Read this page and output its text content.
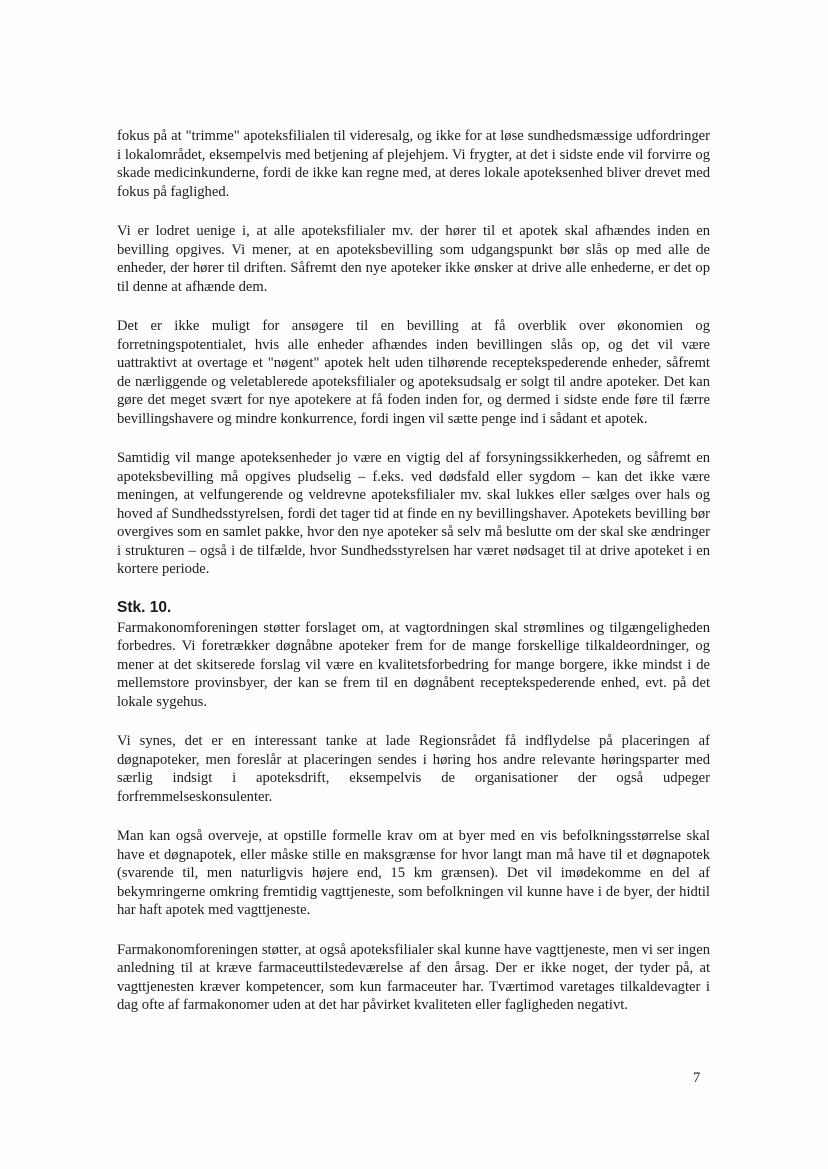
fokus på at "trimme" apoteksfilialen til videresalg, og ikke for at løse sundhedsmæssige udfordringer i lokalområdet, eksempelvis med betjening af plejehjem. Vi frygter, at det i sidste ende vil forvirre og skade medicinkunderne, fordi de ikke kan regne med, at deres lokale apoteksenhed bliver drevet med fokus på faglighed.

Vi er lodret uenige i, at alle apoteksfilialer mv. der hører til et apotek skal afhændes inden en bevilling opgives. Vi mener, at en apoteksbevilling som udgangspunkt bør slås op med alle de enheder, der hører til driften. Såfremt den nye apoteker ikke ønsker at drive alle enhederne, er det op til denne at afhænde dem.

Det er ikke muligt for ansøgere til en bevilling at få overblik over økonomien og forretningspotentialet, hvis alle enheder afhændes inden bevillingen slås op, og det vil være uattraktivt at overtage et "nøgent" apotek helt uden tilhørende receptekspederende enheder, såfremt de nærliggende og veletablerede apoteksfilialer og apoteksudsalg er solgt til andre apoteker. Det kan gøre det meget svært for nye apotekere at få foden inden for, og dermed i sidste ende føre til færre bevillingshavere og mindre konkurrence, fordi ingen vil sætte penge ind i sådant et apotek.

Samtidig vil mange apoteksenheder jo være en vigtig del af forsyningssikkerheden, og såfremt en apoteksbevilling må opgives pludselig – f.eks. ved dødsfald eller sygdom – kan det ikke være meningen, at velfungerende og veldrevne apoteksfilialer mv. skal lukkes eller sælges over hals og hoved af Sundhedsstyrelsen, fordi det tager tid at finde en ny bevillingshaver. Apotekets bevilling bør overgives som en samlet pakke, hvor den nye apoteker så selv må beslutte om der skal ske ændringer i strukturen – også i de tilfælde, hvor Sundhedsstyrelsen har været nødsaget til at drive apoteket i en kortere periode.

Stk. 10.

Farmakonomforeningen støtter forslaget om, at vagtordningen skal strømlines og tilgængeligheden forbedres. Vi foretrækker døgnåbne apoteker frem for de mange forskellige tilkaldeordninger, og mener at det skitserede forslag vil være en kvalitetsforbedring for mange borgere, ikke mindst i de mellemstore provinsbyer, der kan se frem til en døgnåbent receptekspederende enhed, evt. på det lokale sygehus.

Vi synes, det er en interessant tanke at lade Regionsrådet få indflydelse på placeringen af døgnapoteker, men foreslår at placeringen sendes i høring hos andre relevante høringsparter med særlig indsigt i apoteksdrift, eksempelvis de organisationer der også udpeger forfremmelseskonsulenter.

Man kan også overveje, at opstille formelle krav om at byer med en vis befolkningsstørrelse skal have et døgnapotek, eller måske stille en maksgrænse for hvor langt man må have til et døgnapotek (svarende til, men naturligvis højere end, 15 km grænsen). Det vil imødekomme en del af bekymringerne omkring fremtidig vagttjeneste, som befolkningen vil kunne have i de byer, der hidtil har haft apotek med vagttjeneste.

Farmakonomforeningen støtter, at også apoteksfilialer skal kunne have vagttjeneste, men vi ser ingen anledning til at kræve farmaceuttilstedeværelse af den årsag. Der er ikke noget, der tyder på, at vagttjenesten kræver kompetencer, som kun farmaceuter har. Tværtimod varetages tilkaldevagter i dag ofte af farmakonomer uden at det har påvirket kvaliteten eller fagligheden negativt.

7
